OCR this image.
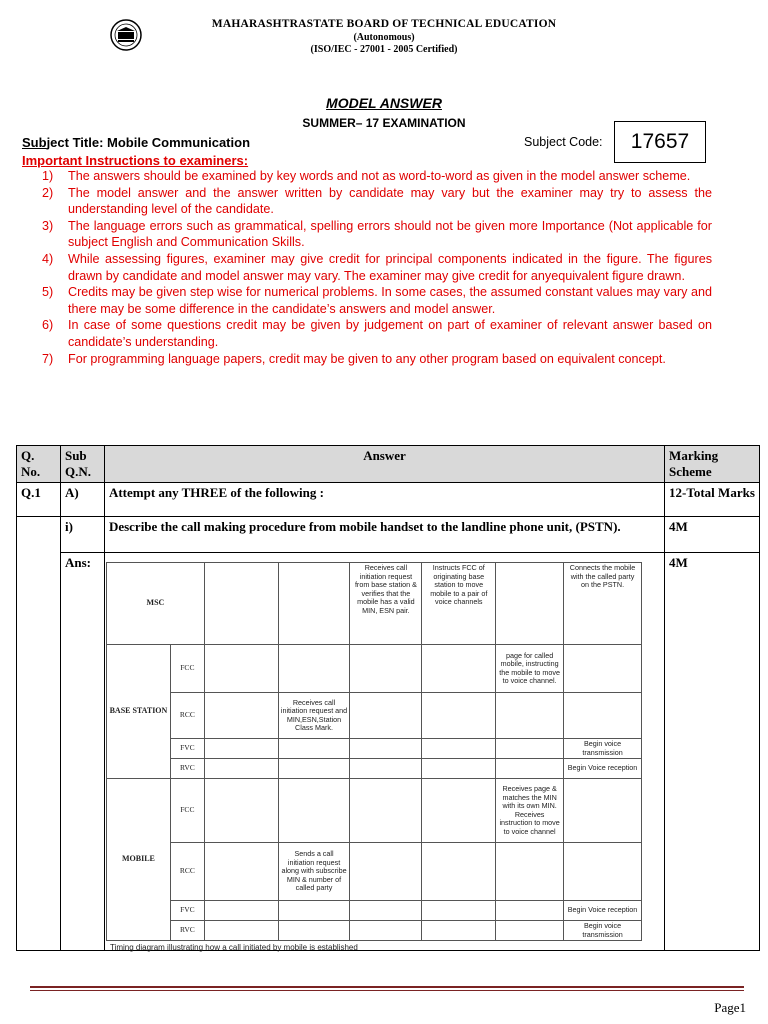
MAHARASHTRASTATE BOARD OF TECHNICAL EDUCATION
(Autonomous)
(ISO/IEC - 27001 - 2005 Certified)
MODEL ANSWER
SUMMER– 17 EXAMINATION
Subject Title: Mobile Communication	Subject Code:	17657
Important Instructions to examiners:
1) The answers should be examined by key words and not as word-to-word as given in the model answer scheme.
2) The model answer and the answer written by candidate may vary but the examiner may try to assess the understanding level of the candidate.
3) The language errors such as grammatical, spelling errors should not be given more Importance (Not applicable for subject English and Communication Skills.
4) While assessing figures, examiner may give credit for principal components indicated in the figure. The figures drawn by candidate and model answer may vary. The examiner may give credit for anyequivalent figure drawn.
5) Credits may be given step wise for numerical problems. In some cases, the assumed constant values may vary and there may be some difference in the candidate’s answers and model answer.
6) In case of some questions credit may be given by judgement on part of examiner of relevant answer based on candidate’s understanding.
7) For programming language papers, credit may be given to any other program based on equivalent concept.
Q. No.	Sub Q.N.	Answer	Marking Scheme
Q.1	A)	Attempt any THREE of the following :	12-Total Marks
	i)	Describe the call making procedure from mobile handset to the landline phone unit, (PSTN).	4M
	Ans:		4M
MSC				Receives call initiation request from base station & verifies that the mobile has a valid MIN, ESN pair.	Instructs FCC of originating base station to move mobile to a pair of voice channels		Connects the mobile with the called party on the PSTN.
BASE STATION	FCC					page for called mobile, instructing the mobile to move to voice channel.	
	RCC		Receives call initiation request and MIN,ESN,Station Class Mark.				
	FVC						Begin voice transmission
	RVC						Begin Voice reception
MOBILE	FCC					Receives page & matches the MIN with its own MIN. Receives instruction to move to voice channel	
	RCC		Sends a call initiation request along with subscribe MIN & number of called party				
	FVC						Begin Voice reception
	RVC						Begin voice transmission
Timing diagram illustrating how a call initiated by mobile is established
Page1
